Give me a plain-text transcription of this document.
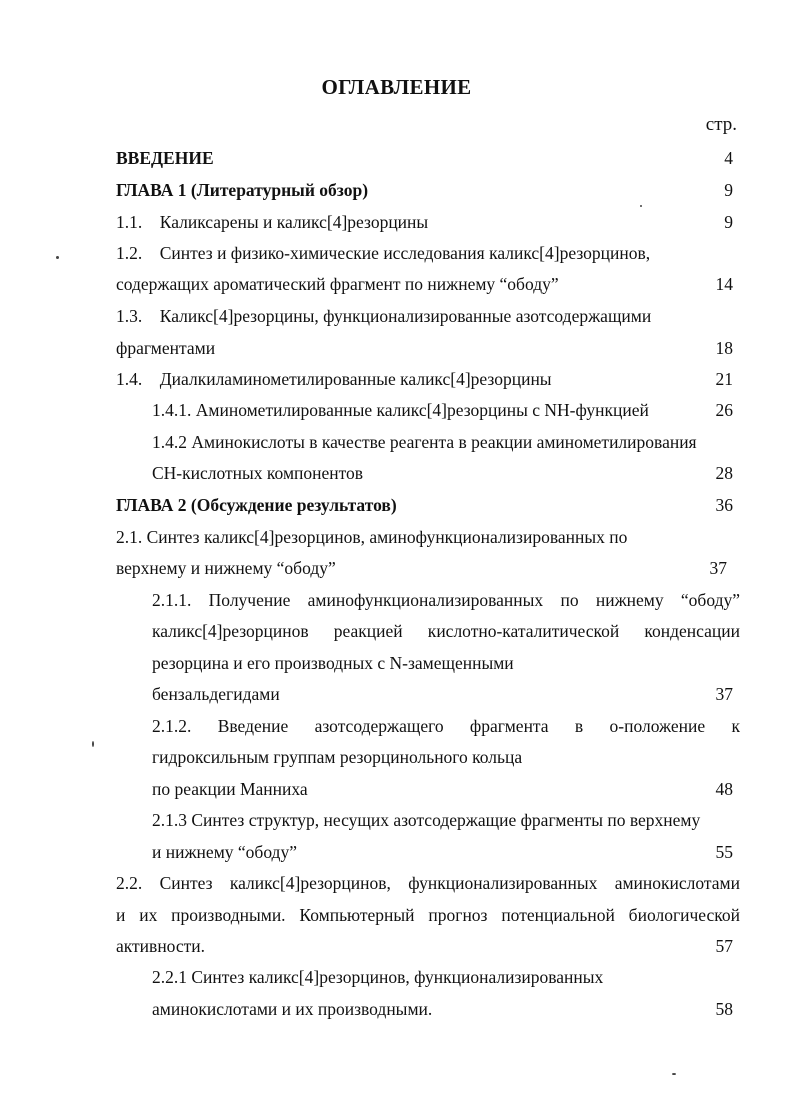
ОГЛАВЛЕНИЕ
стр.
ВВЕДЕНИЕ	4
ГЛАВА 1 (Литературный обзор)	9
1.1.    Каликсарены и каликс[4]резорцины	9
1.2.    Синтез и физико-химические исследования каликс[4]резорцинов,
содержащих ароматический фрагмент по нижнему “ободу”	14
1.3.    Каликс[4]резорцины, функционализированные азотсодержащими
фрагментами	18
1.4.    Диалкиламинометилированные каликс[4]резорцины	21
1.4.1. Аминометилированные каликс[4]резорцины с NH-функцией	26
1.4.2 Аминокислоты в качестве реагента в реакции аминометилирования
СН-кислотных компонентов	28
ГЛАВА 2 (Обсуждение результатов)	36
2.1. Синтез каликс[4]резорцинов, аминофункционализированных по
верхнему и нижнему “ободу”	37
2.1.1. Получение аминофункционализированных по нижнему “ободу”
каликс[4]резорцинов реакцией кислотно-каталитической конденсации
резорцина и его производных с N-замещенными
бензальдегидами	37
2.1.2. Введение азотсодержащего фрагмента в о-положение к
гидроксильным группам резорцинольного кольца
по реакции Манниха	48
2.1.3 Синтез структур, несущих азотсодержащие фрагменты по верхнему
и нижнему “ободу”	55
2.2. Синтез каликс[4]резорцинов, функционализированных аминокислотами
и их производными. Компьютерный прогноз потенциальной биологической
активности.	57
2.2.1 Синтез каликс[4]резорцинов, функционализированных
аминокислотами и их производными.	58
